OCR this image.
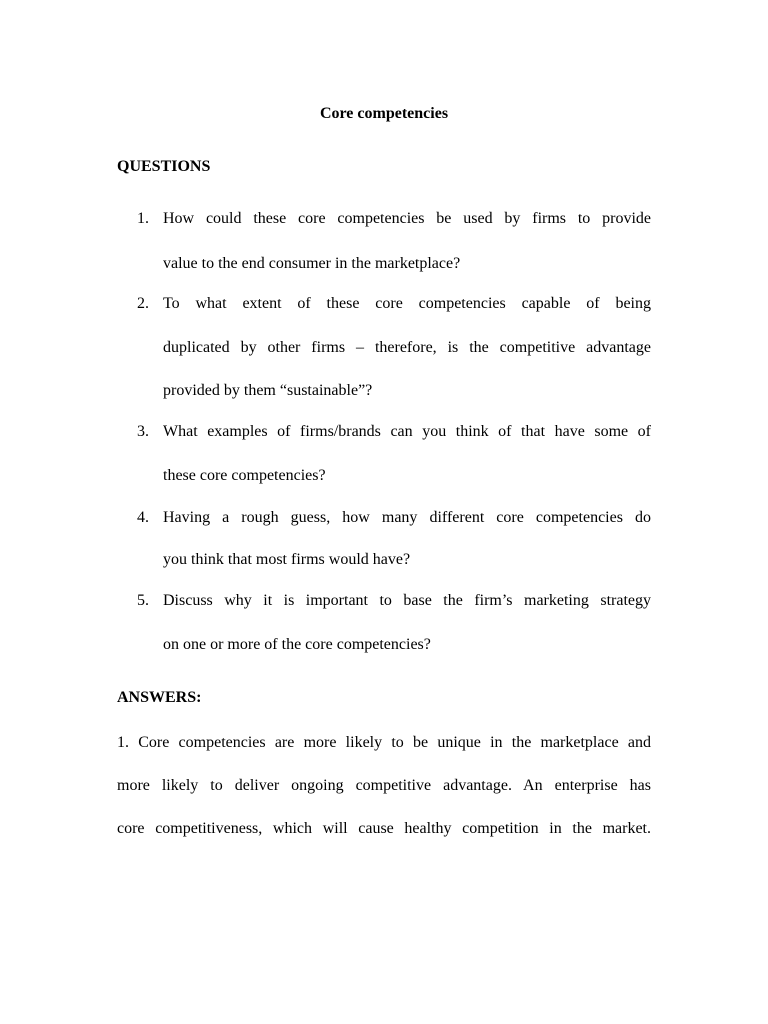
Core competencies
QUESTIONS
1. How could these core competencies be used by firms to provide
value to the end consumer in the marketplace?
2. To what extent of these core competencies capable of being
duplicated by other firms – therefore, is the competitive advantage
provided by them “sustainable”?
3. What examples of firms/brands can you think of that have some of
these core competencies?
4. Having a rough guess, how many different core competencies do
you think that most firms would have?
5. Discuss why it is important to base the firm’s marketing strategy
on one or more of the core competencies?
ANSWERS:
1. Core competencies are more likely to be unique in the marketplace and
more likely to deliver ongoing competitive advantage. An enterprise has
core competitiveness, which will cause healthy competition in the market.
